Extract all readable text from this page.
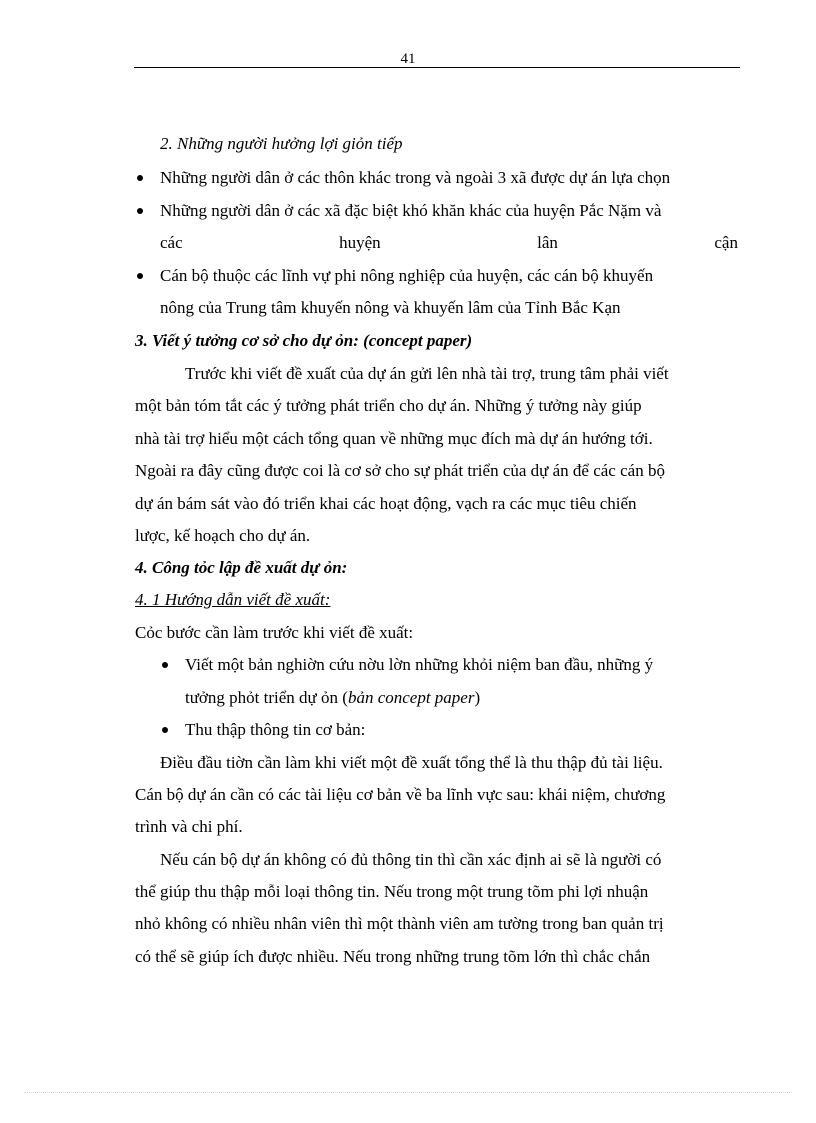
41
2. Những người hưởng lợi giỏn tiếp
Những người dân ở các thôn khác trong và ngoài 3 xã được dự án lựa chọn
Những người dân ở các xã đặc biệt khó khăn khác của huyện Pắc Nặm và
các	huyện	lân	cận
Cán bộ thuộc các lĩnh vự phi nông nghiệp của huyện, các cán bộ khuyến
nông của Trung tâm khuyến nông và khuyến lâm của Tỉnh Bắc Kạn
3. Viết ý tưởng cơ sở cho dự ỏn: (concept paper)
Trước khi viết đề xuất của dự án gửi lên nhà tài trợ, trung tâm phải viết
một bản tóm tắt các ý tưởng phát triển cho dự án. Những ý tưởng này giúp
nhà tài trợ hiểu một cách tổng quan về những mục đích mà dự án hướng tới.
Ngoài ra đây cũng được coi là cơ sở cho sự phát triển của dự án để các cán bộ
dự án bám sát vào đó triển khai các hoạt động, vạch ra các mục tiêu chiến
lược, kế hoạch cho dự án.
4. Công tỏc lập đề xuất dự ỏn:
4. 1 Hướng dẫn viết đề xuất:
Cỏc bước cần làm trước khi viết đề xuất:
Viết một bản nghiờn cứu nờu lờn những khỏi niệm ban đầu, những ý
tưởng phỏt triển dự ỏn (bản concept paper)
Thu thập thông tin cơ bản:
Điều đầu tiờn cần làm khi viết một đề xuất tổng thể là thu thập đủ tài liệu.
Cán bộ dự án cần có các tài liệu cơ bản về ba lĩnh vực sau: khái niệm, chương
trình và chi phí.
Nếu cán bộ dự án không có đủ thông tin thì cần xác định ai sẽ là người có
thể giúp thu thập mỗi loại thông tin. Nếu trong một trung tõm phi lợi nhuận
nhỏ không có nhiều nhân viên thì một thành viên am tường trong ban quản trị
có thể sẽ giúp ích được nhiều. Nếu trong những trung tõm lớn thì chắc chắn
